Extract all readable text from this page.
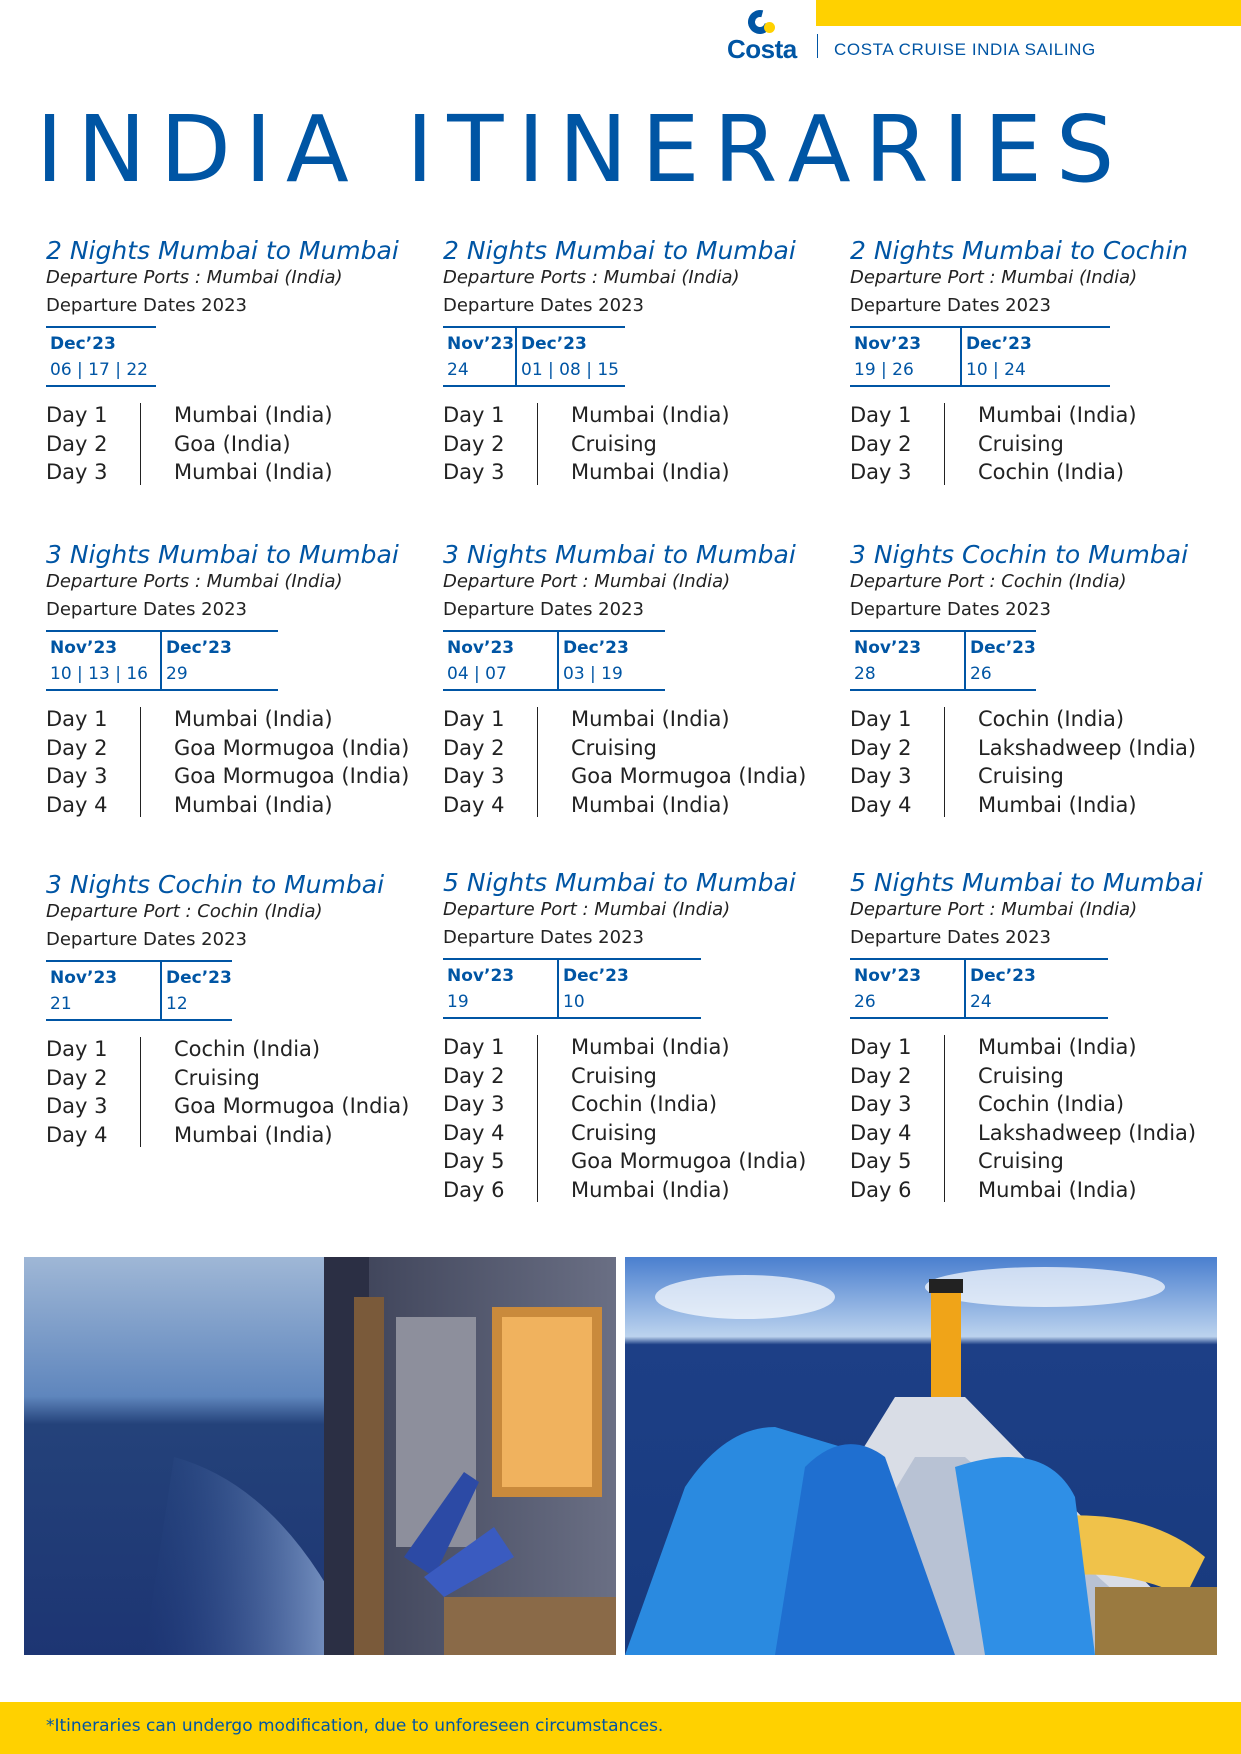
Costa COSTA CRUISE INDIA SAILING
INDIA ITINERARIES
2 Nights Mumbai to Mumbai
Departure Ports : Mumbai (India)
Departure Dates 2023
Dec’23
06 | 17 | 22
Day 1	Mumbai (India)
Day 2	Goa (India)
Day 3	Mumbai (India)
2 Nights Mumbai to Mumbai
Departure Ports : Mumbai (India)
Departure Dates 2023
Nov’23
24
Dec’23
01 | 08 | 15
Day 1	Mumbai (India)
Day 2	Cruising
Day 3	Mumbai (India)
2 Nights Mumbai to Cochin
Departure Port : Mumbai (India)
Departure Dates 2023
Nov’23
19 | 26
Dec’23
10 | 24
Day 1	Mumbai (India)
Day 2	Cruising
Day 3	Cochin (India)
3 Nights Mumbai to Mumbai
Departure Ports : Mumbai (India)
Departure Dates 2023
Nov’23
10 | 13 | 16
Dec’23
29
Day 1	Mumbai (India)
Day 2	Goa Mormugoa (India)
Day 3	Goa Mormugoa (India)
Day 4	Mumbai (India)
3 Nights Mumbai to Mumbai
Departure Port : Mumbai (India)
Departure Dates 2023
Nov’23
04 | 07
Dec’23
03 | 19
Day 1	Mumbai (India)
Day 2	Cruising
Day 3	Goa Mormugoa (India)
Day 4	Mumbai (India)
3 Nights Cochin to Mumbai
Departure Port : Cochin (India)
Departure Dates 2023
Nov’23
28
Dec’23
26
Day 1	Cochin (India)
Day 2	Lakshadweep (India)
Day 3	Cruising
Day 4	Mumbai (India)
3 Nights Cochin to Mumbai
Departure Port : Cochin (India)
Departure Dates 2023
Nov’23
21
Dec’23
12
Day 1	Cochin (India)
Day 2	Cruising
Day 3	Goa Mormugoa (India)
Day 4	Mumbai (India)
5 Nights Mumbai to Mumbai
Departure Port : Mumbai (India)
Departure Dates 2023
Nov’23
19
Dec’23
10
Day 1	Mumbai (India)
Day 2	Cruising
Day 3	Cochin (India)
Day 4	Cruising
Day 5	Goa Mormugoa (India)
Day 6	Mumbai (India)
5 Nights Mumbai to Mumbai
Departure Port : Mumbai (India)
Departure Dates 2023
Nov’23
26
Dec’23
24
Day 1	Mumbai (India)
Day 2	Cruising
Day 3	Cochin (India)
Day 4	Lakshadweep (India)
Day 5	Cruising
Day 6	Mumbai (India)
*Itineraries can undergo modification, due to unforeseen circumstances.
